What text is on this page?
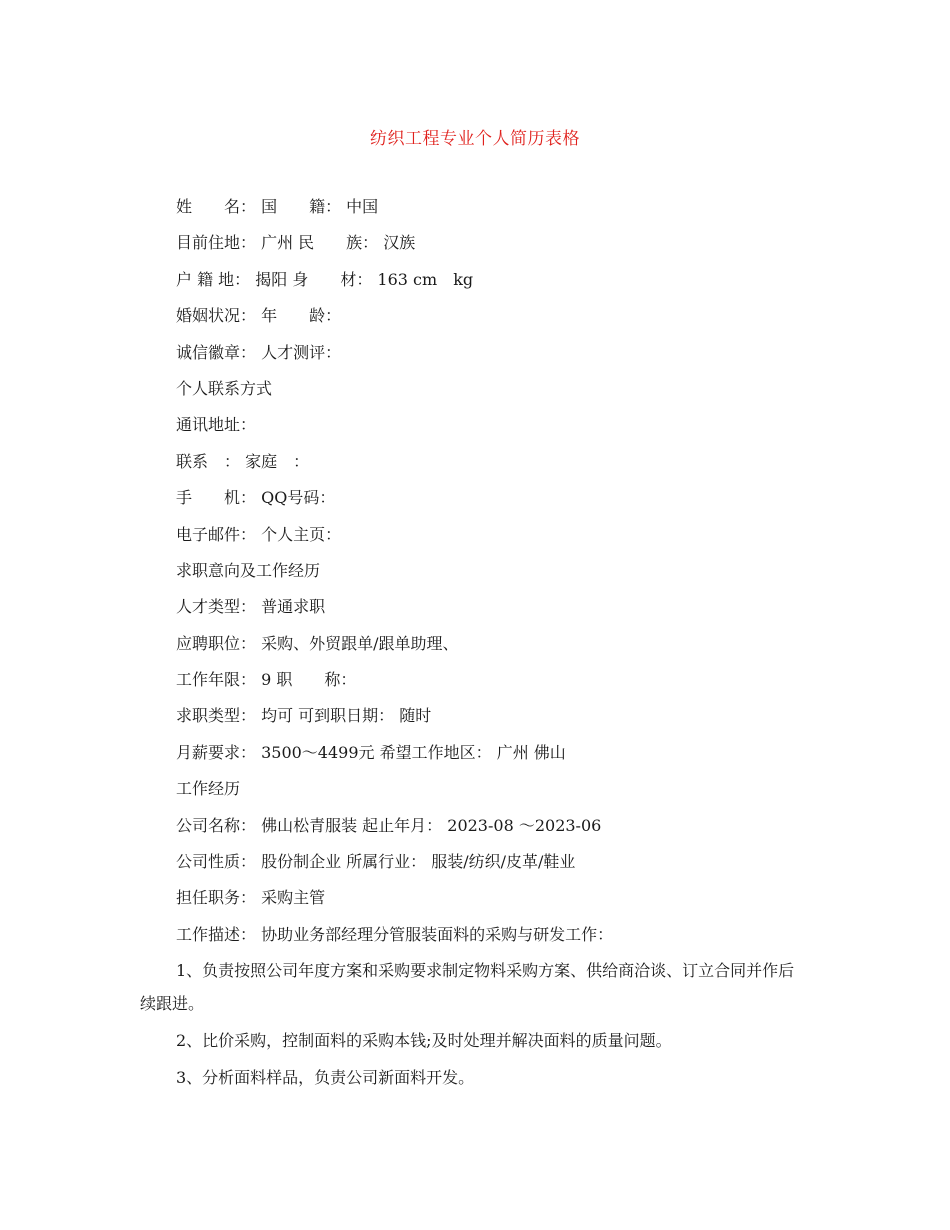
纺织工程专业个人简历表格
姓　　名： 国　　籍： 中国
目前住地： 广州 民　　族： 汉族
户 籍 地： 揭阳 身　　材： 163 cm　kg
婚姻状况： 年　　龄：
诚信徽章： 人才测评：
个人联系方式
通讯地址：
联系　： 家庭　：
手　　机： QQ号码：
电子邮件： 个人主页：
求职意向及工作经历
人才类型： 普通求职
应聘职位： 采购、外贸跟单/跟单助理、
工作年限： 9 职　　称：
求职类型： 均可 可到职日期： 随时
月薪要求： 3500～4499元 希望工作地区： 广州 佛山
工作经历
公司名称： 佛山松青服装 起止年月： 2023-08 ～2023-06
公司性质： 股份制企业 所属行业： 服装/纺织/皮革/鞋业
担任职务： 采购主管
工作描述： 协助业务部经理分管服装面料的采购与研发工作：
1、负责按照公司年度方案和采购要求制定物料采购方案、供给商洽谈、订立合同并作后续跟进。
2、比价采购，控制面料的采购本钱;及时处理并解决面料的质量问题。
3、分析面料样品，负责公司新面料开发。
